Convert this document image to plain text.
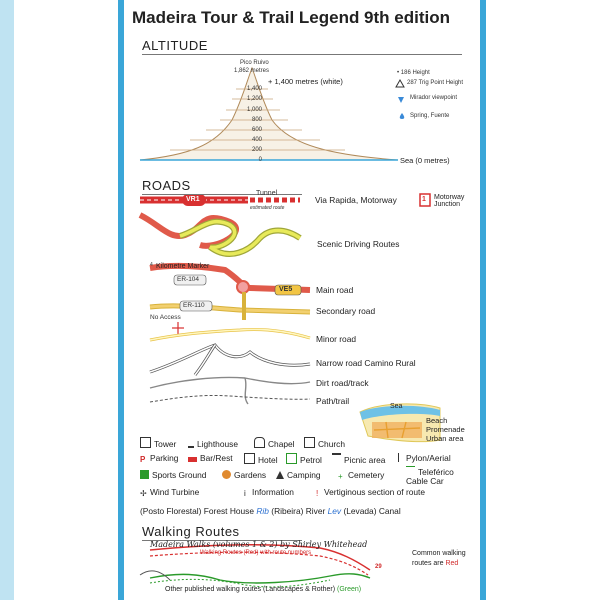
Madeira Tour & Trail Legend 9th edition
ALTITUDE
Pico Ruivo
1,862 metres
+ 1,400 metres (white)
1,400
1,200
1,000
800
600
400
200
0	Sea (0 metres)
• 186 Height
287 Trig Point Height
Mirador viewpoint
Spring, Fuente
ROADS
VR1
Tunnel
estimated route
Via Rapida, Motorway	1 Motorway Junction
Scenic Driving Routes
4 Kilometre Marker
ER-104
VE5	Main road
ER-110
Secondary road
No Access
Minor road
Narrow road Camino Rural
Dirt road/track
Path/trail
Sea
Beach
Promenade
Urban area
Tower	Lighthouse	Chapel	Church
P Parking	Bar/Rest	Hotel	Petrol	Picnic area	Pylon/Aerial
Sports Ground	Gardens	Camping + Cemetery	Teleférico Cable Car
✢ Wind Turbine	i Information	! Vertiginous section of route
(Posto Florestal) Forest House Rib (Ribeira) River Lev (Levada) Canal
Walking Routes
Madeira Walks (volumes 1 & 2) by Shirley Whitehead
Walking Routes (Red) with route numbers
29
Common walking
routes are Red
Other published walking routes (Landscapes & Rother) (Green)
